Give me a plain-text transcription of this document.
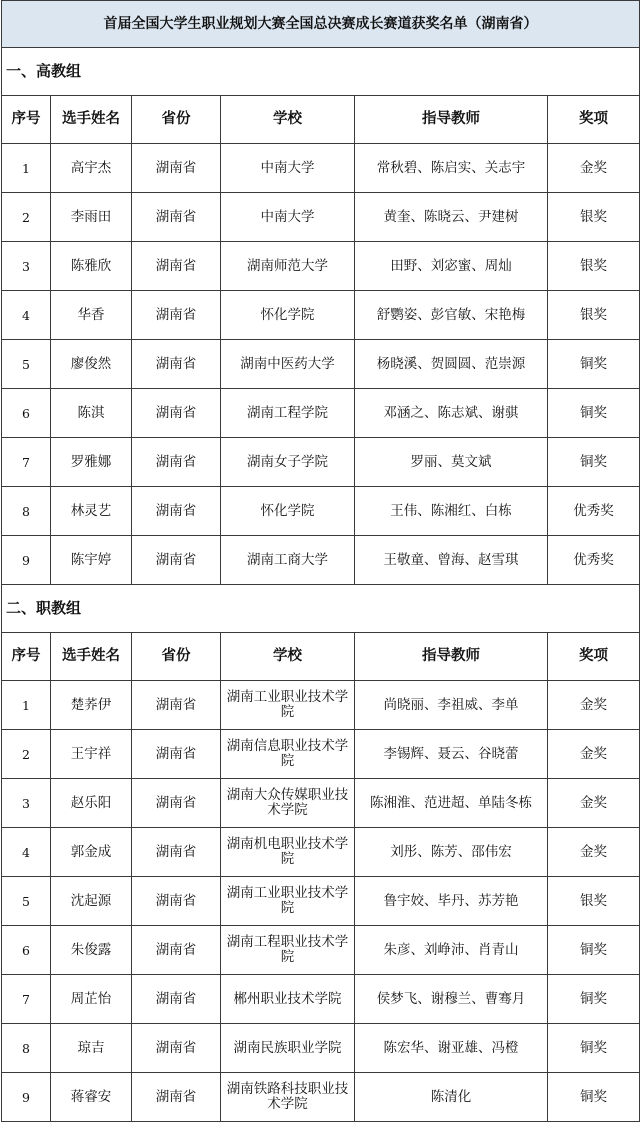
首届全国大学生职业规划大赛全国总决赛成长赛道获奖名单（湖南省）					
一、高教组					
序号	选手姓名	省份	学校	指导教师	奖项
1	高宇杰	湖南省	中南大学	常秋碧、陈启实、关志宇	金奖
2	李雨田	湖南省	中南大学	黄奎、陈晓云、尹建树	银奖
3	陈雅欣	湖南省	湖南师范大学	田野、刘宓蜜、周灿	银奖
4	华香	湖南省	怀化学院	舒鹦姿、彭官敏、宋艳梅	银奖
5	廖俊然	湖南省	湖南中医药大学	杨晓溪、贺圆圆、范崇源	铜奖
6	陈淇	湖南省	湖南工程学院	邓涵之、陈志斌、谢骐	铜奖
7	罗雅娜	湖南省	湖南女子学院	罗丽、莫文斌	铜奖
8	林灵艺	湖南省	怀化学院	王伟、陈湘红、白栋	优秀奖
9	陈宇婷	湖南省	湖南工商大学	王敬童、曾海、赵雪琪	优秀奖
二、职教组					
序号	选手姓名	省份	学校	指导教师	奖项
1	楚荞伊	湖南省	湖南工业职业技术学院	尚晓丽、李祖威、李单	金奖
2	王宇祥	湖南省	湖南信息职业技术学院	李锡辉、聂云、谷晓蕾	金奖
3	赵乐阳	湖南省	湖南大众传媒职业技术学院	陈湘淮、范进超、单陆冬栋	金奖
4	郭金成	湖南省	湖南机电职业技术学院	刘彤、陈芳、邵伟宏	金奖
5	沈起源	湖南省	湖南工业职业技术学院	鲁宇姣、毕丹、苏芳艳	银奖
6	朱俊露	湖南省	湖南工程职业技术学院	朱彦、刘峥沛、肖青山	铜奖
7	周芷怡	湖南省	郴州职业技术学院	侯梦飞、谢穆兰、曹骞月	铜奖
8	琼吉	湖南省	湖南民族职业学院	陈宏华、谢亚雄、冯橙	铜奖
9	蒋睿安	湖南省	湖南铁路科技职业技术学院	陈清化	铜奖
